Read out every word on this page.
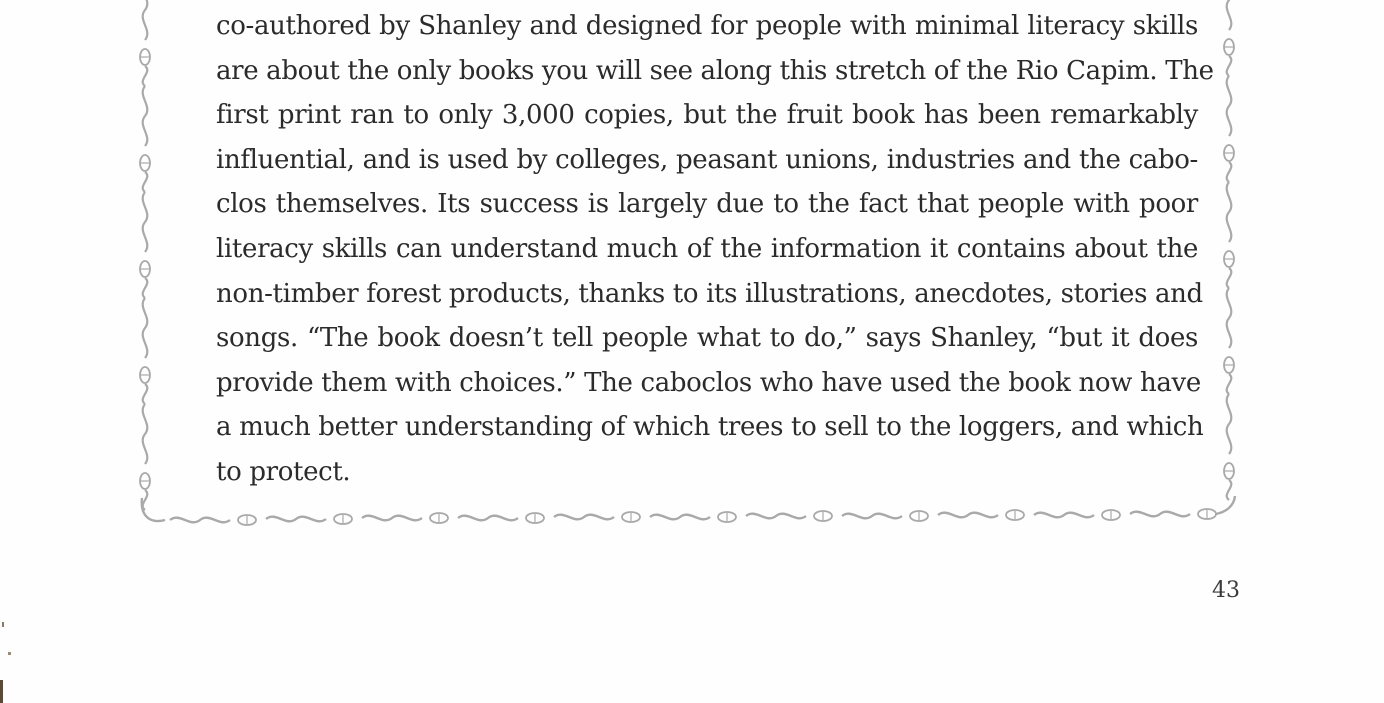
co-authored by Shanley and designed for people with minimal literacy skills
are about the only books you will see along this stretch of the Rio Capim. The
first print ran to only 3,000 copies, but the fruit book has been remarkably
influential, and is used by colleges, peasant unions, industries and the cabo-
clos themselves. Its success is largely due to the fact that people with poor
literacy skills can understand much of the information it contains about the
non-timber forest products, thanks to its illustrations, anecdotes, stories and
songs. “The book doesn’t tell people what to do,” says Shanley, “but it does
provide them with choices.” The caboclos who have used the book now have
a much better understanding of which trees to sell to the loggers, and which
to protect.
43
